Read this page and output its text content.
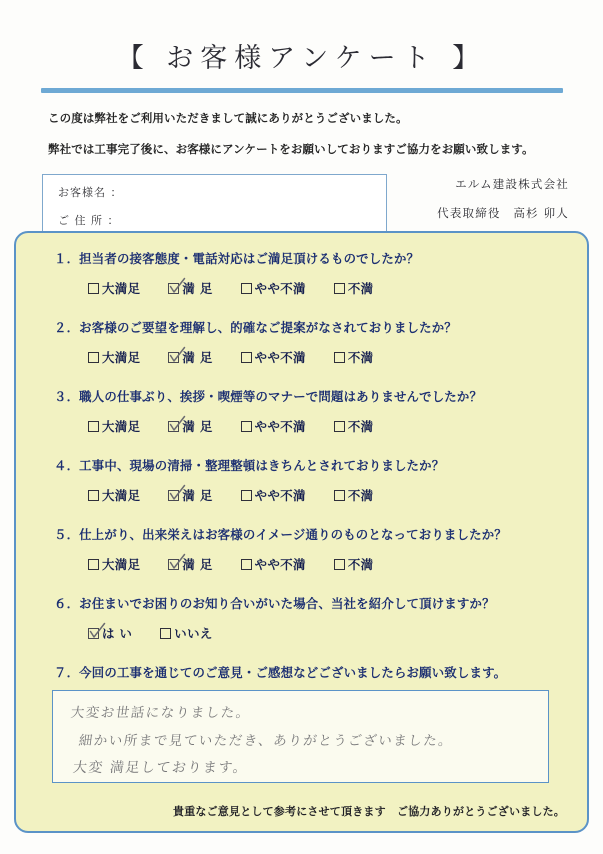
【 お客様アンケート 】
この度は弊社をご利用いただきまして誠にありがとうございました。
弊社では工事完了後に、お客様にアンケートをお願いしておりますご協力をお願い致します。
お客様名 ：
ご 住 所 ：
エルム建設株式会社
代表取締役　高杉 卯人
１．担当者の接客態度・電話対応はご満足頂けるものでしたか？
大満足	満 足	やや不満	不満
２．お客様のご要望を理解し、的確なご提案がなされておりましたか？
大満足	満 足	やや不満	不満
３．職人の仕事ぶり、挨拶・喫煙等のマナーで問題はありませんでしたか？
大満足	満 足	やや不満	不満
４．工事中、現場の清掃・整理整頓はきちんとされておりましたか？
大満足	満 足	やや不満	不満
５．仕上がり、出来栄えはお客様のイメージ通りのものとなっておりましたか？
大満足	満 足	やや不満	不満
６．お住まいでお困りのお知り合いがいた場合、当社を紹介して頂けますか？
は い	いいえ
７．今回の工事を通じてのご意見・ご感想などございましたらお願い致します。
大変お世話になりました。
細かい所まで見ていただき、ありがとうございました。
大変 満足しております。
貴重なご意見として参考にさせて頂きます　ご協力ありがとうございました。
